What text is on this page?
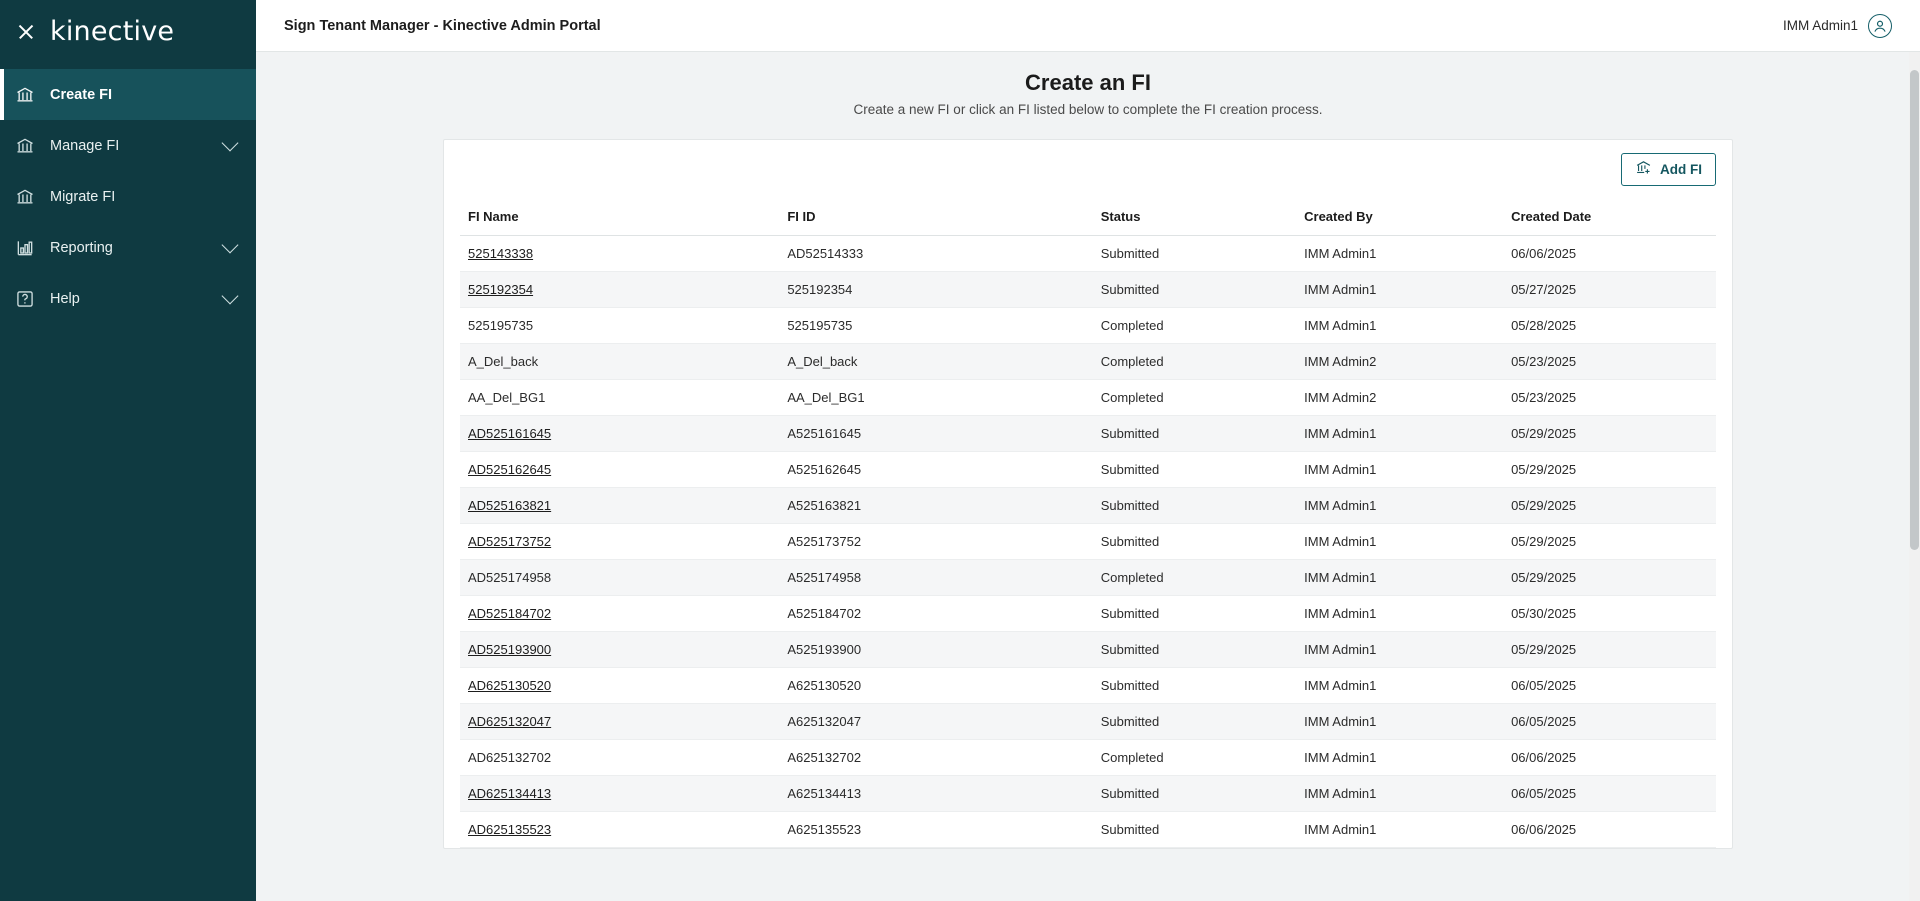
kinective
Create FI
Manage FI
Migrate FI
Reporting
Help
Sign Tenant Manager - Kinective Admin Portal	IMM Admin1
Create an FI
Create a new FI or click an FI listed below to complete the FI creation process.
Add FI
FI Name	FI ID	Status	Created By	Created Date
525143338	AD52514333	Submitted	IMM Admin1	06/06/2025
525192354	525192354	Submitted	IMM Admin1	05/27/2025
525195735	525195735	Completed	IMM Admin1	05/28/2025
A_Del_back	A_Del_back	Completed	IMM Admin2	05/23/2025
AA_Del_BG1	AA_Del_BG1	Completed	IMM Admin2	05/23/2025
AD525161645	A525161645	Submitted	IMM Admin1	05/29/2025
AD525162645	A525162645	Submitted	IMM Admin1	05/29/2025
AD525163821	A525163821	Submitted	IMM Admin1	05/29/2025
AD525173752	A525173752	Submitted	IMM Admin1	05/29/2025
AD525174958	A525174958	Completed	IMM Admin1	05/29/2025
AD525184702	A525184702	Submitted	IMM Admin1	05/30/2025
AD525193900	A525193900	Submitted	IMM Admin1	05/29/2025
AD625130520	A625130520	Submitted	IMM Admin1	06/05/2025
AD625132047	A625132047	Submitted	IMM Admin1	06/05/2025
AD625132702	A625132702	Completed	IMM Admin1	06/06/2025
AD625134413	A625134413	Submitted	IMM Admin1	06/05/2025
AD625135523	A625135523	Submitted	IMM Admin1	06/06/2025
